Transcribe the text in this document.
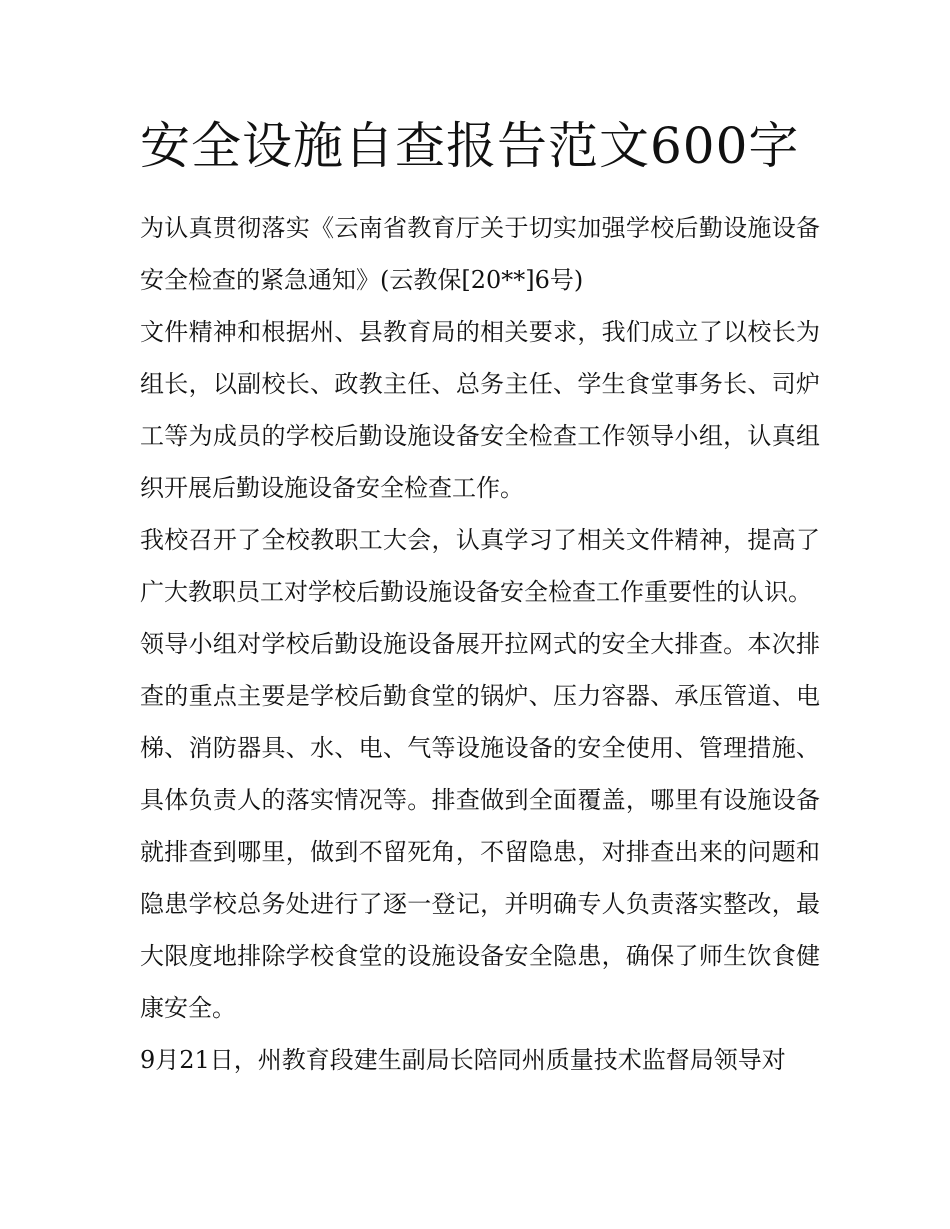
安全设施自查报告范文600字

为认真贯彻落实《云南省教育厅关于切实加强学校后勤设施设备安全检查的紧急通知》(云教保[20**]6号)

文件精神和根据州、县教育局的相关要求，我们成立了以校长为组长，以副校长、政教主任、总务主任、学生食堂事务长、司炉工等为成员的学校后勤设施设备安全检查工作领导小组，认真组织开展后勤设施设备安全检查工作。

我校召开了全校教职工大会，认真学习了相关文件精神，提高了广大教职员工对学校后勤设施设备安全检查工作重要性的认识。

领导小组对学校后勤设施设备展开拉网式的安全大排查。本次排查的重点主要是学校后勤食堂的锅炉、压力容器、承压管道、电梯、消防器具、水、电、气等设施设备的安全使用、管理措施、具体负责人的落实情况等。排查做到全面覆盖，哪里有设施设备就排查到哪里，做到不留死角，不留隐患，对排查出来的问题和隐患学校总务处进行了逐一登记，并明确专人负责落实整改，最大限度地排除学校食堂的设施设备安全隐患，确保了师生饮食健康安全。

9月21日，州教育段建生副局长陪同州质量技术监督局领导对
